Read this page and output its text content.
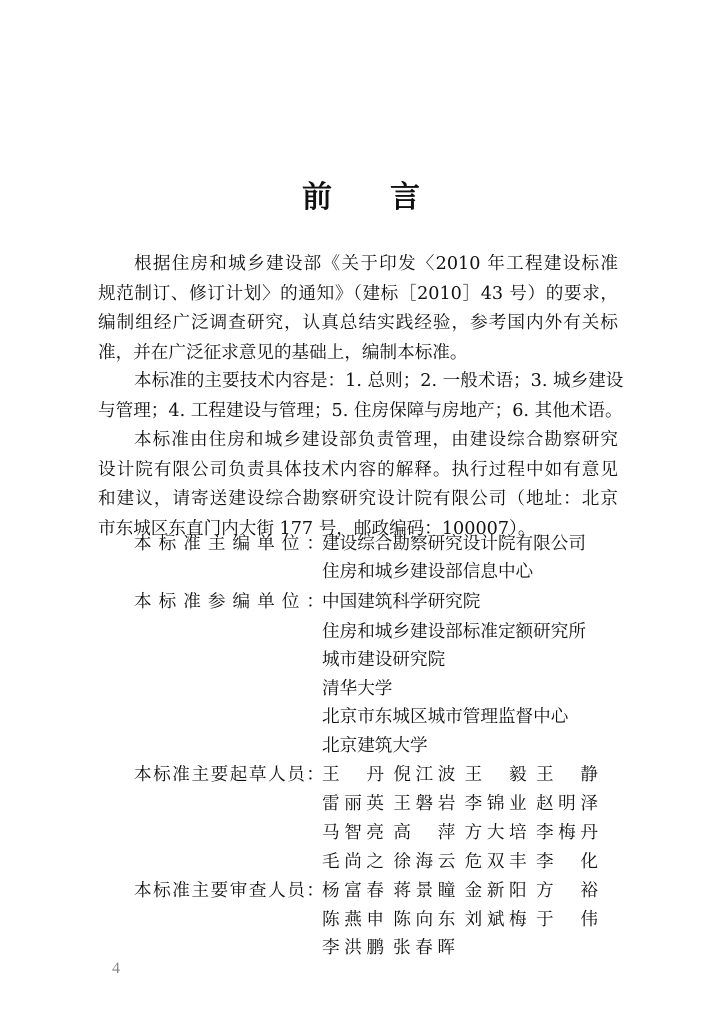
前 言
根据住房和城乡建设部《关于印发〈2010 年工程建设标准
规范制订、修订计划〉的通知》（建标［2010］43 号）的要求，
编制组经广泛调查研究，认真总结实践经验，参考国内外有关标
准，并在广泛征求意见的基础上，编制本标准。
本标准的主要技术内容是：1. 总则；2. 一般术语；3. 城乡建设
与管理；4. 工程建设与管理；5. 住房保障与房地产；6. 其他术语。
本标准由住房和城乡建设部负责管理，由建设综合勘察研究
设计院有限公司负责具体技术内容的解释。执行过程中如有意见
和建议，请寄送建设综合勘察研究设计院有限公司（地址：北京
市东城区东直门内大街 177 号，邮政编码：100007）。
本标准主编单位：
建设综合勘察研究设计院有限公司
住房和城乡建设部信息中心
本标准参编单位：
中国建筑科学研究院
住房和城乡建设部标准定额研究所
城市建设研究院
清华大学
北京市东城区城市管理监督中心
北京建筑大学
本标准主要起草人员：
王　丹 倪江波 王　毅 王　静
雷丽英 王磐岩 李锦业 赵明泽
马智亮 高　萍 方大培 李梅丹
毛尚之 徐海云 危双丰 李　化
本标准主要审查人员：
杨富春 蒋景瞳 金新阳 方　裕
陈燕申 陈向东 刘斌梅 于　伟
李洪鹏 张春晖
4
